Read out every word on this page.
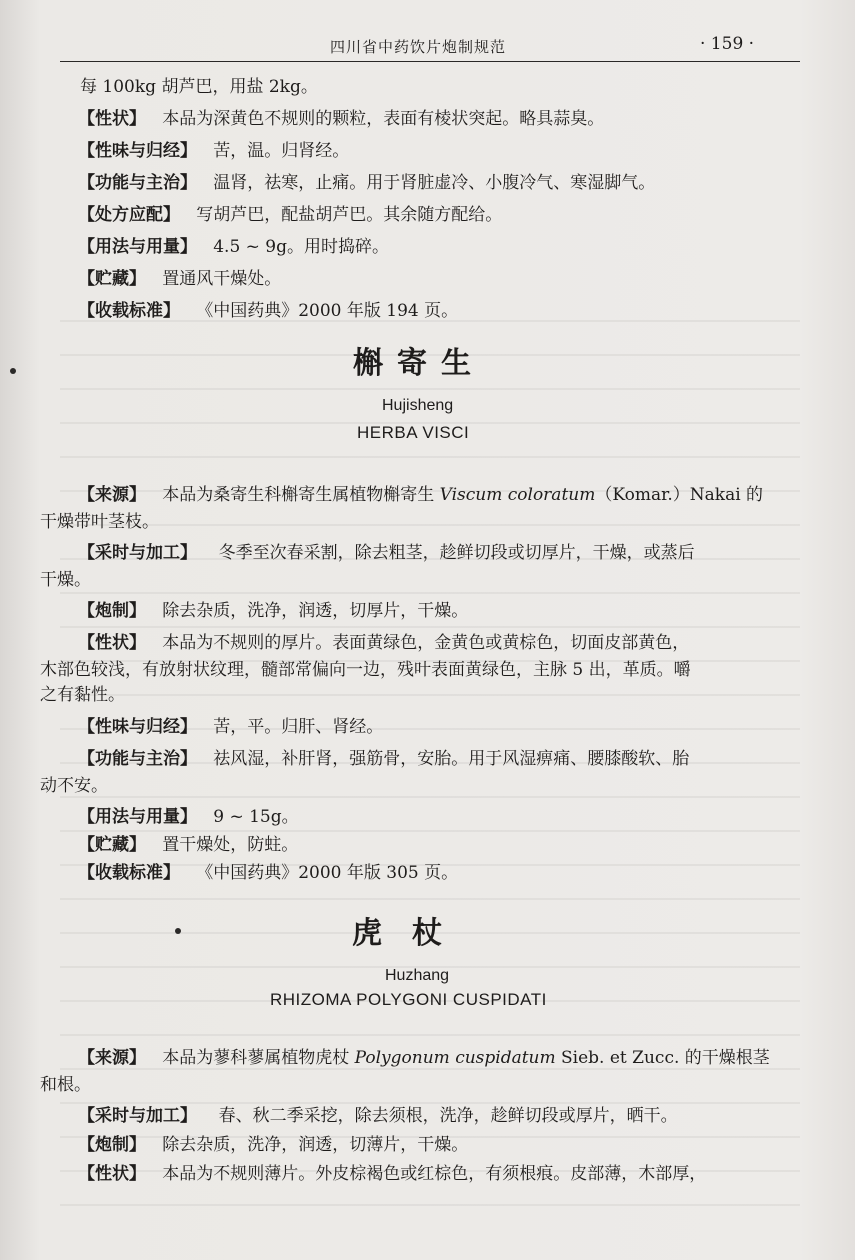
四川省中药饮片炮制规范	· 159 ·
每 100kg 胡芦巴，用盐 2kg。
【性状】 本品为深黄色不规则的颗粒，表面有棱状突起。略具蒜臭。
【性味与归经】 苦，温。归肾经。
【功能与主治】 温肾，祛寒，止痛。用于肾脏虚冷、小腹冷气、寒湿脚气。
【处方应配】 写胡芦巴，配盐胡芦巴。其余随方配给。
【用法与用量】 4.5 ~ 9g。用时捣碎。
【贮藏】 置通风干燥处。
【收载标准】 《中国药典》2000 年版 194 页。
槲寄生
Hujisheng
HERBA VISCI
【来源】 本品为桑寄生科槲寄生属植物槲寄生 Viscum coloratum（Komar.）Nakai 的
干燥带叶茎枝。
【采时与加工】 冬季至次春采割，除去粗茎，趁鲜切段或切厚片，干燥，或蒸后
干燥。
【炮制】 除去杂质，洗净，润透，切厚片，干燥。
【性状】 本品为不规则的厚片。表面黄绿色，金黄色或黄棕色，切面皮部黄色，
木部色较浅，有放射状纹理，髓部常偏向一边，残叶表面黄绿色，主脉 5 出，革质。嚼
之有黏性。
【性味与归经】 苦，平。归肝、肾经。
【功能与主治】 祛风湿，补肝肾，强筋骨，安胎。用于风湿痹痛、腰膝酸软、胎
动不安。
【用法与用量】 9 ~ 15g。
【贮藏】 置干燥处，防蛀。
【收载标准】 《中国药典》2000 年版 305 页。
虎杖
Huzhang
RHIZOMA POLYGONI CUSPIDATI
【来源】 本品为蓼科蓼属植物虎杖 Polygonum cuspidatum Sieb. et Zucc. 的干燥根茎
和根。
【采时与加工】 春、秋二季采挖，除去须根，洗净，趁鲜切段或厚片，晒干。
【炮制】 除去杂质，洗净，润透，切薄片，干燥。
【性状】 本品为不规则薄片。外皮棕褐色或红棕色，有须根痕。皮部薄，木部厚，
